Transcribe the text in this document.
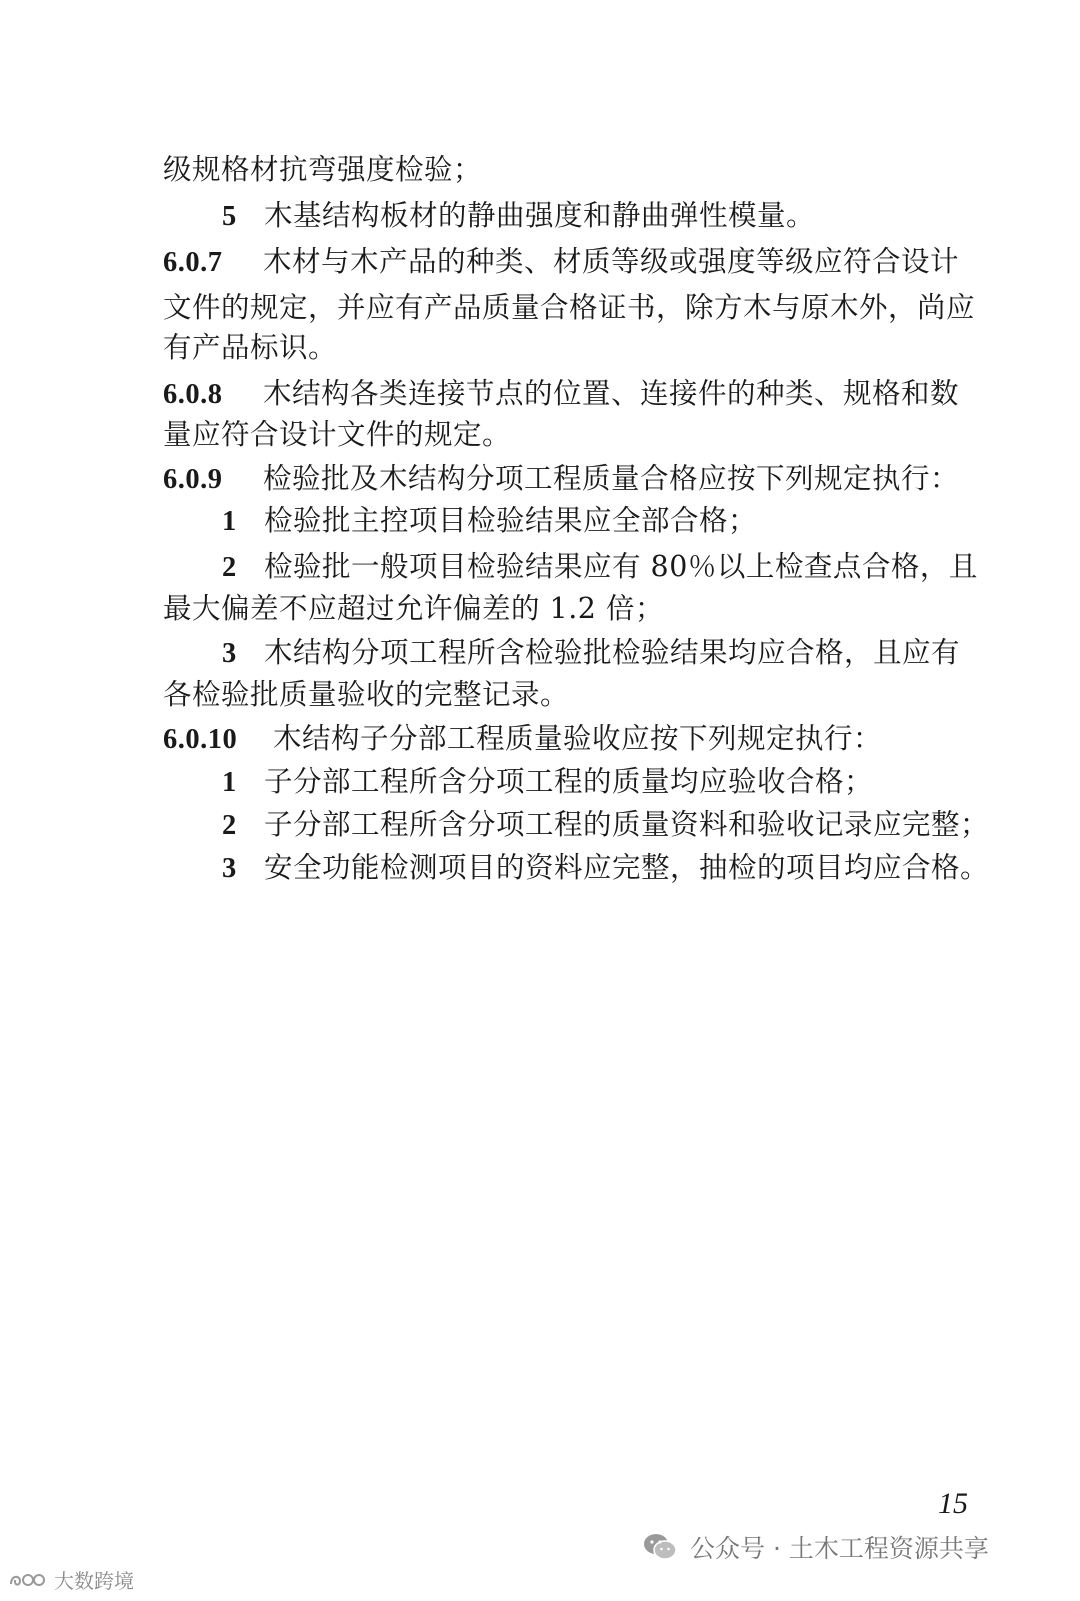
级规格材抗弯强度检验；
5 木基结构板材的静曲强度和静曲弹性模量。
6.0.7 木材与木产品的种类、材质等级或强度等级应符合设计
文件的规定，并应有产品质量合格证书，除方木与原木外，尚应
有产品标识。
6.0.8 木结构各类连接节点的位置、连接件的种类、规格和数
量应符合设计文件的规定。
6.0.9 检验批及木结构分项工程质量合格应按下列规定执行：
1 检验批主控项目检验结果应全部合格；
2 检验批一般项目检验结果应有 80％以上检查点合格，且
最大偏差不应超过允许偏差的 1.2 倍；
3 木结构分项工程所含检验批检验结果均应合格，且应有
各检验批质量验收的完整记录。
6.0.10 木结构子分部工程质量验收应按下列规定执行：
1 子分部工程所含分项工程的质量均应验收合格；
2 子分部工程所含分项工程的质量资料和验收记录应完整；
3 安全功能检测项目的资料应完整，抽检的项目均应合格。
15
公众号 · 土木工程资源共享
大数跨境
